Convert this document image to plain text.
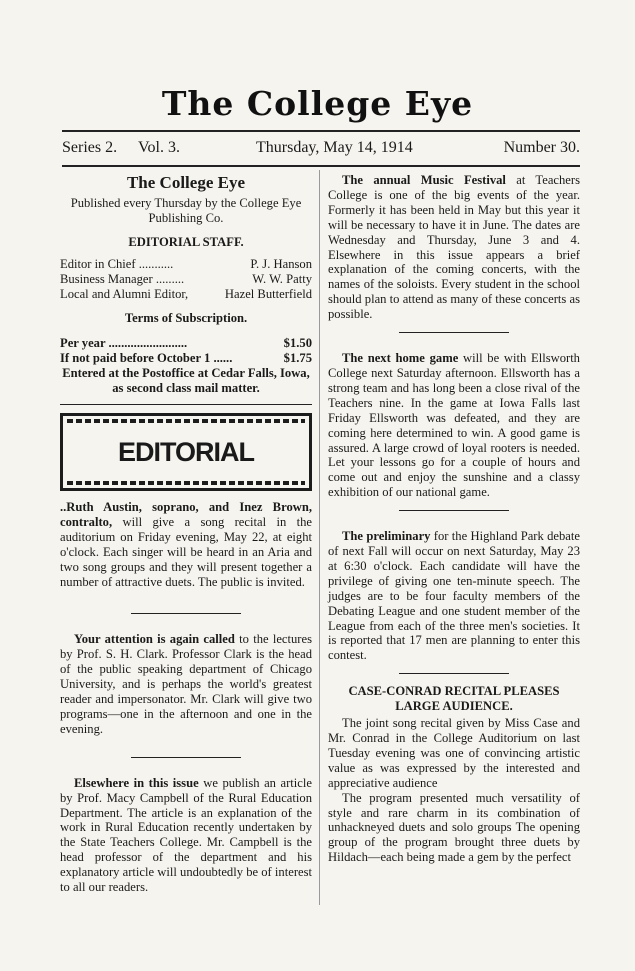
The College Eye
Series 2. Vol. 3.	Thursday, May 14, 1914	Number 30.
The College Eye

Published every Thursday by the College Eye Publishing Co.

EDITORIAL STAFF.

Editor in Chief ...........	P. J. Hanson
Business Manager .........	W. W. Patty
Local and Alumni Editor,	Hazel Butterfield

Terms of Subscription.

Per year .........................	$1.50
If not paid before October 1 ......	$1.75

Entered at the Postoffice at Cedar Falls, Iowa, as second class mail matter.

EDITORIAL

..Ruth Austin, soprano, and Inez Brown, contralto, will give a song recital in the auditorium on Friday evening, May 22, at eight o'clock. Each singer will be heard in an Aria and two song groups and they will present together a number of attractive duets. The public is invited.

Your attention is again called to the lectures by Prof. S. H. Clark. Professor Clark is the head of the public speaking department of Chicago University, and is perhaps the world's greatest reader and impersonator. Mr. Clark will give two programs—one in the afternoon and one in the evening.

Elsewhere in this issue we publish an article by Prof. Macy Campbell of the Rural Education Department. The article is an explanation of the work in Rural Education recently undertaken by the State Teachers College. Mr. Campbell is the head professor of the department and his explanatory article will undoubtedly be of interest to all our readers.

The annual Music Festival at Teachers College is one of the big events of the year. Formerly it has been held in May but this year it will be necessary to have it in June. The dates are Wednesday and Thursday, June 3 and 4. Elsewhere in this issue appears a brief explanation of the coming concerts, with the names of the soloists. Every student in the school should plan to attend as many of these concerts as possible.

The next home game will be with Ellsworth College next Saturday afternoon. Ellsworth has a strong team and has long been a close rival of the Teachers nine. In the game at Iowa Falls last Friday Ellsworth was defeated, and they are coming here determined to win. A good game is assured. A large crowd of loyal rooters is needed. Let your lessons go for a couple of hours and come out and enjoy the sunshine and a classy exhibition of our national game.

The preliminary for the Highland Park debate of next Fall will occur on next Saturday, May 23 at 6:30 o'clock. Each candidate will have the privilege of giving one ten-minute speech. The judges are to be four faculty members of the Debating League and one student member of the League from each of the three men's societies. It is reported that 17 men are planning to enter this contest.

CASE-CONRAD RECITAL PLEASES LARGE AUDIENCE.

The joint song recital given by Miss Case and Mr. Conrad in the College Auditorium on last Tuesday evening was one of convincing artistic value as was expressed by the interested and appreciative audience

The program presented much versatility of style and rare charm in its combination of unhackneyed duets and solo groups The opening group of the program brought three duets by Hildach—each being made a gem by the perfect
